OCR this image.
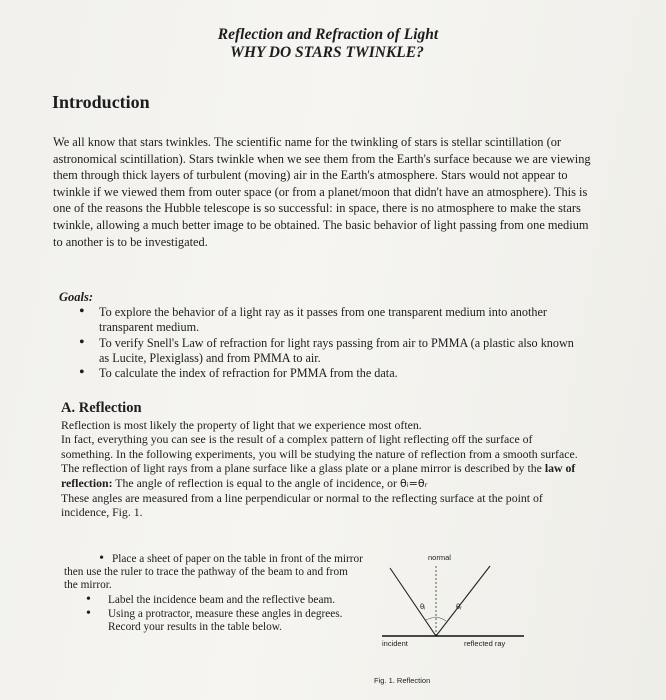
Reflection and Refraction of Light
WHY DO STARS TWINKLE?
Introduction
We all know that stars twinkles. The scientific name for the twinkling of stars is stellar scintillation (or astronomical scintillation). Stars twinkle when we see them from the Earth's surface because we are viewing them through thick layers of turbulent (moving) air in the Earth's atmosphere. Stars would not appear to twinkle if we viewed them from outer space (or from a planet/moon that didn't have an atmosphere). This is one of the reasons the Hubble telescope is so successful: in space, there is no atmosphere to make the stars twinkle, allowing a much better image to be obtained. The basic behavior of light passing from one medium to another is to be investigated.
Goals:
• To explore the behavior of a light ray as it passes from one transparent medium into another transparent medium.
• To verify Snell's Law of refraction for light rays passing from air to PMMA (a plastic also known as Lucite, Plexiglass) and from PMMA to air.
• To calculate the index of refraction for PMMA from the data.
A. Reflection
Reflection is most likely the property of light that we experience most often.
In fact, everything you can see is the result of a complex pattern of light reflecting off the surface of something. In the following experiments, you will be studying the nature of reflection from a smooth surface. The reflection of light rays from a plane surface like a glass plate or a plane mirror is described by the law of reflection: The angle of reflection is equal to the angle of incidence, or θᵢ=θᵣ
These angles are measured from a line perpendicular or normal to the reflecting surface at the point of incidence, Fig. 1.
• Place a sheet of paper on the table in front of the mirror then use the ruler to trace the pathway of the beam to and from the mirror.
• Label the incidence beam and the reflective beam.
• Using a protractor, measure these angles in degrees. Record your results in the table below.
normal
θᵢ	θᵣ
incident	reflected ray
Fig. 1. Reflection
